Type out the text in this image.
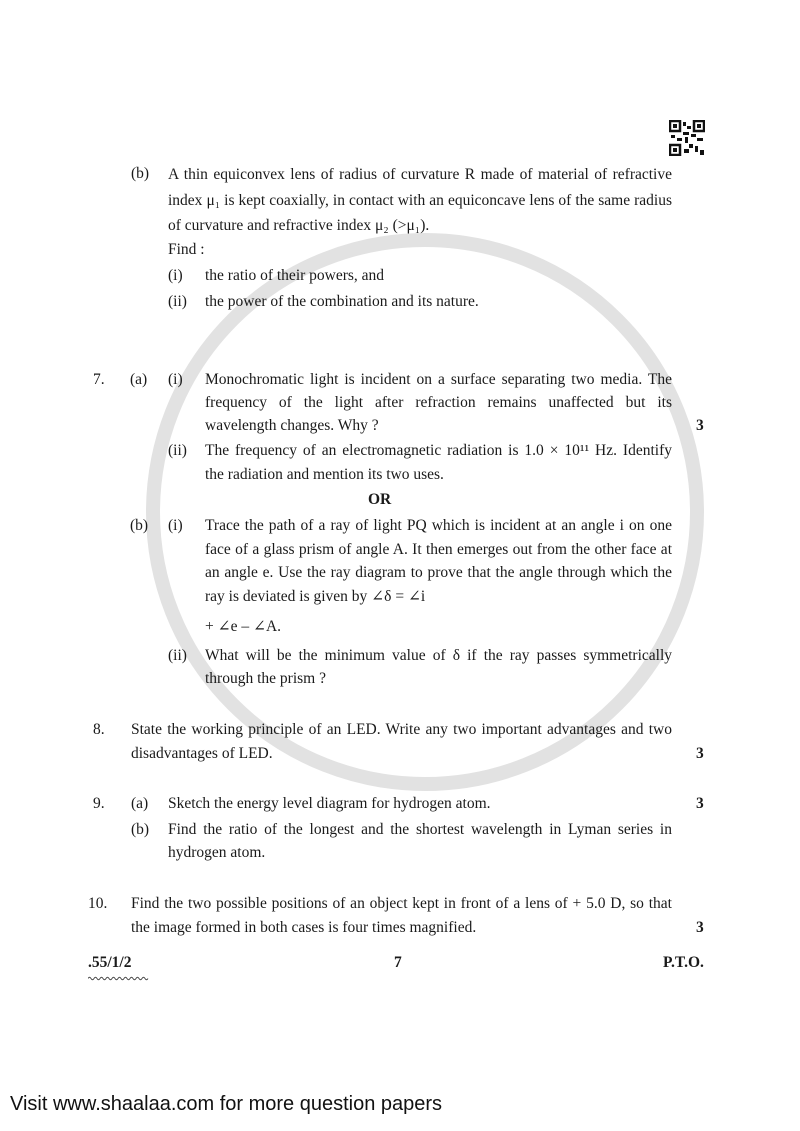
(b) A thin equiconvex lens of radius of curvature R made of material of refractive index μ₁ is kept coaxially, in contact with an equiconcave lens of the same radius of curvature and refractive index μ₂ (>μ₁).
Find :
(i) the ratio of their powers, and
(ii) the power of the combination and its nature.
7. (a) (i) Monochromatic light is incident on a surface separating two media. The frequency of the light after refraction remains unaffected but its wavelength changes. Why ?	3
(ii) The frequency of an electromagnetic radiation is 1.0 × 10¹¹ Hz. Identify the radiation and mention its two uses.
OR
(b) (i) Trace the path of a ray of light PQ which is incident at an angle i on one face of a glass prism of angle A. It then emerges out from the other face at an angle e. Use the ray diagram to prove that the angle through which the ray is deviated is given by ∠δ = ∠i
+ ∠e – ∠A.
(ii) What will be the minimum value of δ if the ray passes symmetrically through the prism ?
8. State the working principle of an LED. Write any two important advantages and two disadvantages of LED.	3
9. (a) Sketch the energy level diagram for hydrogen atom.	3
(b) Find the ratio of the longest and the shortest wavelength in Lyman series in hydrogen atom.
10. Find the two possible positions of an object kept in front of a lens of + 5.0 D, so that the image formed in both cases is four times magnified.	3
.55/1/2	7	P.T.O.
Visit www.shaalaa.com for more question papers
